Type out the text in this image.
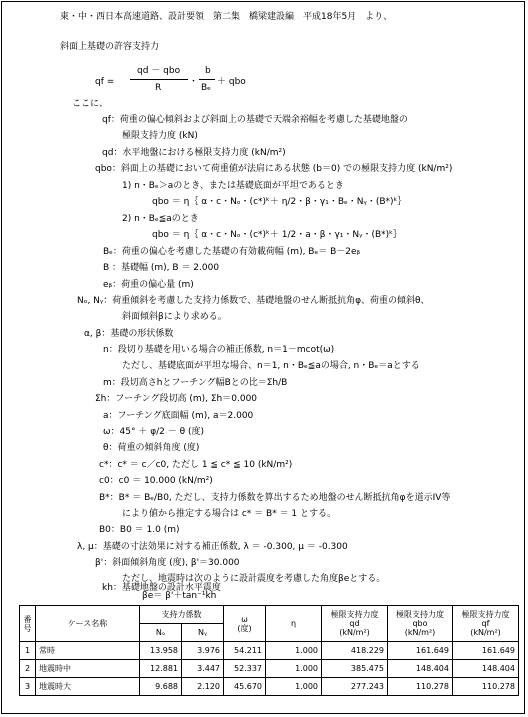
東・中・西日本高速道路、設計要領　第二集　橋梁建設編　平成18年5月　より、
斜面上基礎の許容支持力
qf =
qd － qbo
R
・
b
Bₑ
＋ qbo
ここに、
qf：荷重の偏心傾斜および斜面上の基礎で天端余裕幅を考慮した基礎地盤の
極限支持力度 (kN)
qd：水平地盤における極限支持力度 (kN/m²)
qbo：斜面上の基礎において荷重値が法肩にある状態 (b＝0) での極限支持力度 (kN/m²)
1) n・Bₑ＞aのとき、または基礎底面が平坦であるとき
qbo ＝ η｛ α・c・Nₒ・(c*)ᵏ＋ η/2・β・γ₁・Bₑ・Nᵧ・(B*)ᵏ｝
2) n・Bₑ≦aのとき
qbo ＝ η｛ α・c・Nₒ・(c*)ᵏ＋ 1/2・a・β・γ₁・Nᵧ・(B*)ᵏ｝
Bₑ：荷重の偏心を考慮した基礎の有効載荷幅 (m), Bₑ＝ B－2eᵦ
B ：基礎幅 (m), B ＝ 2.000
eᵦ：荷重の偏心量 (m)
Nₒ, Nᵧ：荷重傾斜を考慮した支持力係数で、基礎地盤のせん断抵抗角φ、荷重の傾斜θ、
斜面傾斜βにより求める。
α, β：基礎の形状係数
n：段切り基礎を用いる場合の補正係数, n＝1－mcot(ω)
ただし、基礎底面が平坦な場合、n＝1, n・Bₑ≦aの場合, n・Bₑ＝aとする
m：段切高さhとフーチング幅Bとの比＝Σh/B
Σh：フーチング段切高 (m), Σh＝0.000
a：フーチング底面幅 (m), a＝2.000
ω：45° ＋ φ/2 － θ (度)
θ：荷重の傾斜角度 (度)
c*：c* ＝ c／c0, ただし 1 ≦ c* ≦ 10 (kN/m²)
c0：c0 ＝ 10.000 (kN/m²)
B*：B* ＝ Bₑ/B0, ただし、支持力係数を算出するため地盤のせん断抵抗角φを道示IV等
により値から推定する場合は c* ＝ B* ＝ 1 とする。
B0：B0 ＝ 1.0 (m)
λ, μ：基礎の寸法効果に対する補正係数, λ ＝ -0.300, μ ＝ -0.300
β'：斜面傾斜角度 (度), β'＝30.000
ただし、地震時は次のように設計震度を考慮した角度βeとする。
βe＝ β'＋tan⁻¹kh
kh：基礎地盤の設計水平震度
番号	ケース名称	支持力係数		ω
(度)	η	極限支持力度
qd
(kN/m²)	極限支持力度
qbo
(kN/m²)	極限支持力度
qf
(kN/m²)
		Nₒ	Nᵧ					
1	常時	13.958	3.976	54.211	1.000	418.229	161.649	161.649
2	地震時中	12.881	3.447	52.337	1.000	385.475	148.404	148.404
3	地震時大	9.688	2.120	45.670	1.000	277.243	110.278	110.278
